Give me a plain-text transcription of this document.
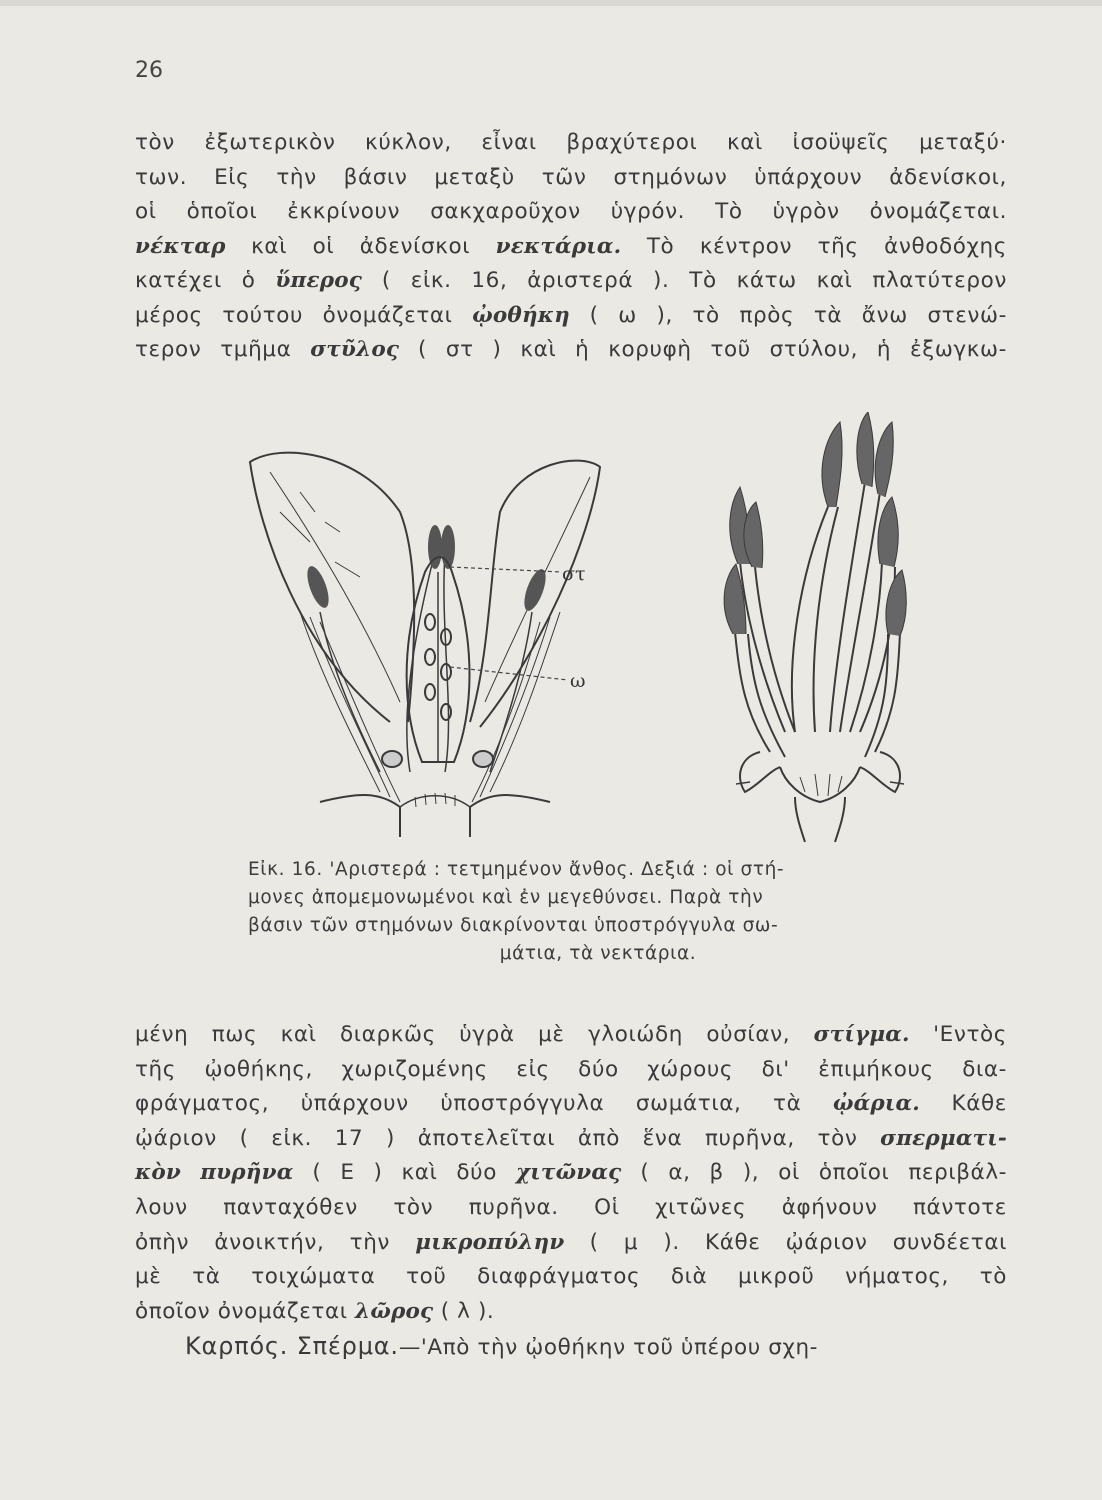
26
τὸν ἐξωτερικὸν κύκλον, εἶναι βραχύτεροι καὶ ἰσοϋψεῖς μεταξύ·
των. Εἰς τὴν βάσιν μεταξὺ τῶν στημόνων ὑπάρχουν ἀδενίσκοι,
οἱ ὁποῖοι ἐκκρίνουν σακχαροῦχον ὑγρόν. Τὸ ὑγρὸν ὀνομάζεται.
νέκταρ καὶ οἱ ἀδενίσκοι νεκτάρια. Τὸ κέντρον τῆς ἀνθοδόχης
κατέχει ὁ ὕπερος ( εἰκ. 16, ἀριστερά ). Τὸ κάτω καὶ πλατύτερον
μέρος τούτου ὀνομάζεται ᾠοθήκη ( ω ), τὸ πρὸς τὰ ἄνω στενώ-
τερον τμῆμα στῦλος ( στ ) καὶ ἡ κορυφὴ τοῦ στύλου, ἡ ἐξωγκω-
στ
ω
Εἰκ. 16. 'Αριστερά : τετμημένον ἄνθος. Δεξιά : οἱ στή-
μονες ἀπομεμονωμένοι καὶ ἐν μεγεθύνσει. Παρὰ τὴν
βάσιν τῶν στημόνων διακρίνονται ὑποστρόγγυλα σω-
μάτια, τὰ νεκτάρια.
μένη πως καὶ διαρκῶς ὑγρὰ μὲ γλοιώδη οὐσίαν, στίγμα. 'Εντὸς
τῆς ᾠοθήκης, χωριζομένης εἰς δύο χώρους δι' ἐπιμήκους δια-
φράγματος, ὑπάρχουν ὑποστρόγγυλα σωμάτια, τὰ ᾠάρια. Κάθε
ᾠάριον ( εἰκ. 17 ) ἀποτελεῖται ἀπὸ ἕνα πυρῆνα, τὸν σπερματι-
κὸν πυρῆνα ( Ε ) καὶ δύο χιτῶνας ( α, β ), οἱ ὁποῖοι περιβάλ-
λουν πανταχόθεν τὸν πυρῆνα. Οἱ χιτῶνες ἀφήνουν πάντοτε
ὀπὴν ἀνοικτήν, τὴν μικροπύλην ( μ ). Κάθε ᾠάριον συνδέεται
μὲ τὰ τοιχώματα τοῦ διαφράγματος διὰ μικροῦ νήματος, τὸ
ὁποῖον ὀνομάζεται λῶρος ( λ ).
Καρπός. Σπέρμα.—'Απὸ τὴν ᾠοθήκην τοῦ ὑπέρου σχη-
